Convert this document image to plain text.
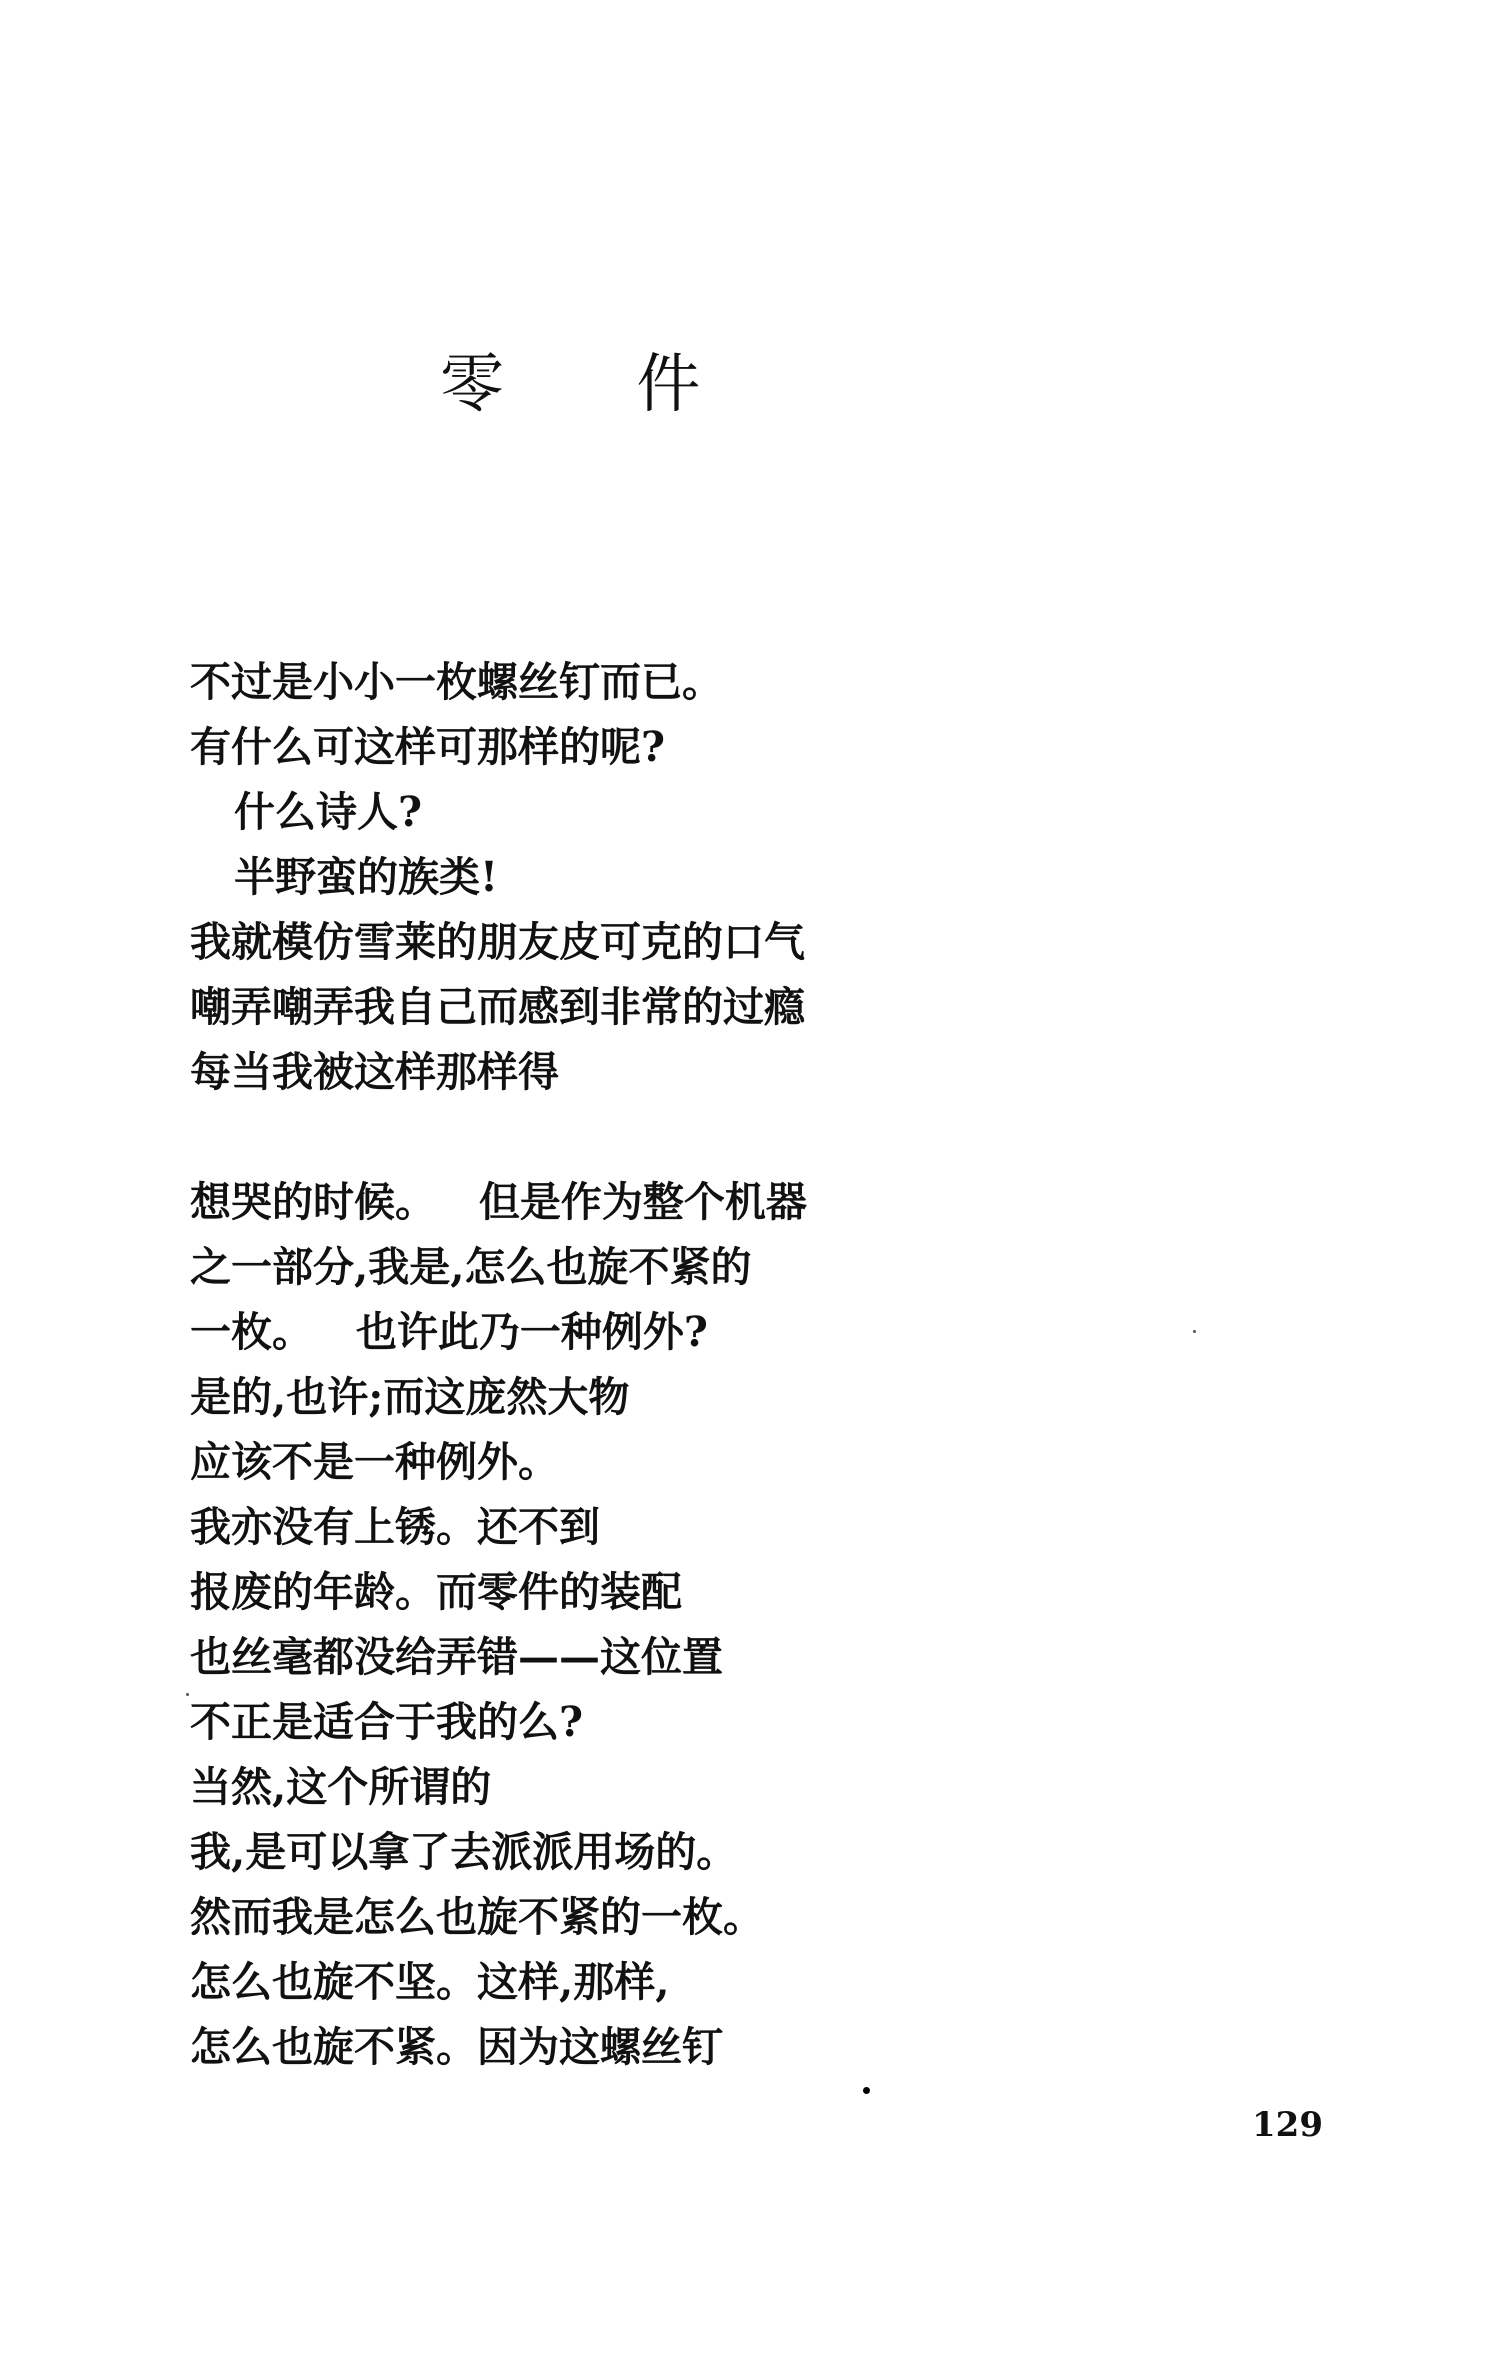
零 件
不过是小小一枚螺丝钉而已。
有什么可这样可那样的呢?
什么诗人?
半野蛮的族类!
我就模仿雪莱的朋友皮可克的口气
嘲弄嘲弄我自己而感到非常的过瘾
每当我被这样那样得
想哭的时候。   但是作为整个机器
之一部分,我是,怎么也旋不紧的
一枚。   也许此乃一种例外?
是的,也许;而这庞然大物
应该不是一种例外。
我亦没有上锈。还不到
报废的年龄。而零件的装配
也丝毫都没给弄错——这位置
不正是适合于我的么?
当然,这个所谓的
我,是可以拿了去派派用场的。
然而我是怎么也旋不紧的一枚。
怎么也旋不坚。这样,那样,
怎么也旋不紧。因为这螺丝钉
129
